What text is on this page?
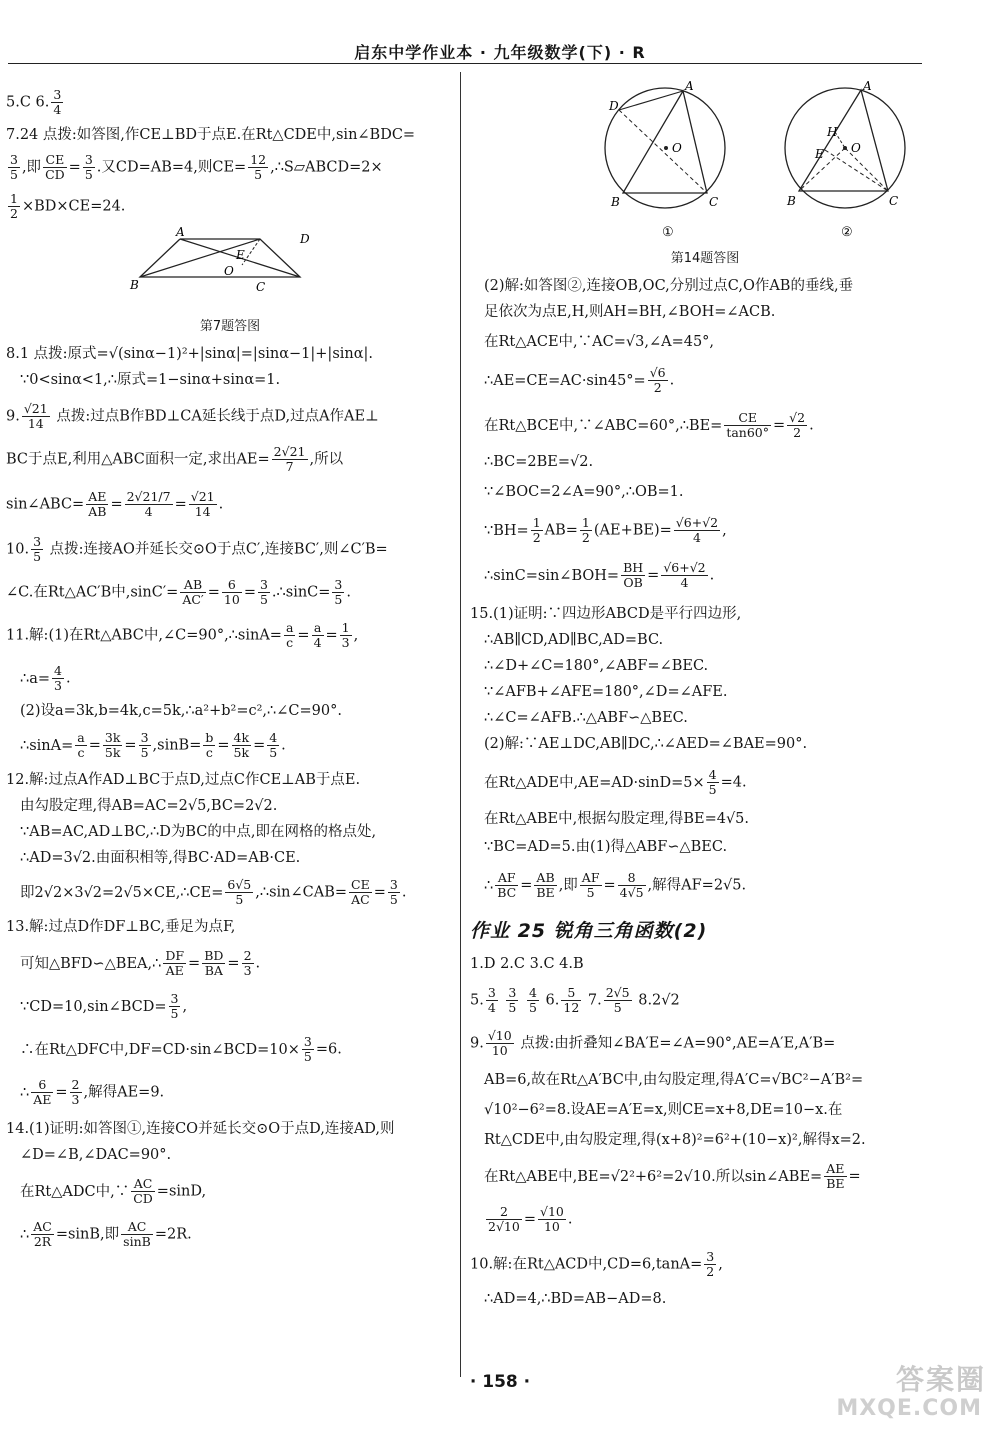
启东中学作业本 · 九年级数学(下) · R
5.C 6. $\frac{3}{4}$
7.24 点拨:如答图,作CE⊥BD于点E.在Rt△CDE中,sin∠BDC=
$\frac{3}{5}$ ,即 $\frac{CE}{CD} = \frac{3}{5}$ .又CD=AB=4,则$CE= \frac{12}{5}$ ,∴S▱ABCD=2×
$\frac{1}{2} \times BD\times CE=24$.
A	D
B	C
E
O
第7题答图
8.1 点拨:原式=√(sinα−1)²+|sinα|=|sinα−1|+|sinα|.
∵0<sinα<1,∴原式=1−sinα+sinα=1.
9. $\frac{√21}{14}$ 点拨:过点B作BD⊥CA延长线于点D,过点A作AE⊥
BC于点E,利用△ABC面积一定,求出$AE= \frac{2√21}{7}$ ,所以
sin∠ABC= $\frac{AE}{AB} = \frac{2√21/7}{4} = \frac{√21}{14}$ .
10. $\frac{3}{5}$ 点拨:连接AO并延长交⊙O于点C′,连接BC′,则∠C′B=
∠C.在Rt△AC′B中$,\sin C'= \frac{AB}{AC'} = \frac{6}{10} = \frac{3}{5}$ .∴sinC= $\frac{3}{5}$ .
11.解:(1)在Rt△ABC中,∠C=90°,∴sinA= $\frac{a}{c} = \frac{a}{4} = \frac{1}{3}$ ,
∴a= $\frac{4}{3}$ .
(2)设a=3k,b=4k,c=5k,∴a²+b²=c²,∴∠C=90°.
∴sinA= $\frac{a}{c} = \frac{3k}{5k} = \frac{3}{5} ,\sin B= \frac{b}{c} = \frac{4k}{5k} = \frac{4}{5}$ .
12.解:过点A作AD⊥BC于点D,过点C作CE⊥AB于点E.
由勾股定理,得AB=AC=2√5,BC=2√2.
∵AB=AC,AD⊥BC,∴D为BC的中点,即在网格的格点处,
∴AD=3√2.由面积相等,得BC·AD=AB·CE.
即2√2×3√2=2√5×CE,∴CE= $\frac{6√5}{5}$ ,∴sin∠CAB= $\frac{CE}{AC} = \frac{3}{5}$ .
13.解:过点D作DF⊥BC,垂足为点F,
可知△BFD∽△BEA,∴ $\frac{DF}{AE} = \frac{BD}{BA} = \frac{2}{3}$ .
∵CD=10,sin∠BCD= $\frac{3}{5}$ ,
∴在Rt△DFC中,DF=CD·sin∠BCD=10× $\frac{3}{5} =6$.
∴ $\frac{6}{AE} = \frac{2}{3}$ ,解得AE=9.
14.(1)证明:如答图①,连接CO并延长交⊙O于点D,连接AD,则
∠D=∠B,∠DAC=90°.
在Rt△ADC中,∵ $\frac{AC}{CD} =\sin D$,
∴ $\frac{AC}{2R} =\sin B$,即 $\frac{AC}{\sin B} =2R$.
A
D
B	C
O
①
A
B	C
O
E
H
②
第14题答图
(2)解:如答图②,连接OB,OC,分别过点C,O作AB的垂线,垂
足依次为点E,H,则AH=BH,∠BOH=∠ACB.
在Rt△ACE中,∵AC=√3,∠A=45°,
∴AE=CE=AC·sin45°= $\frac{√6}{2}$ .
在Rt△BCE中,∵∠ABC=60°,∴BE= $\frac{CE}{\tan 60^\circ} = \frac{√2}{2}$ .
∴BC=2BE=√2.
∵∠BOC=2∠A=90°,∴OB=1.
∵BH= $\frac{1}{2} AB= \frac{1}{2} (AE+BE)= \frac{√6+√2}{4}$ ,
∴sinC=sin∠BOH= $\frac{BH}{OB} = \frac{√6+√2}{4}$ .
15.(1)证明:∵四边形ABCD是平行四边形,
∴AB∥CD,AD∥BC,AD=BC.
∴∠D+∠C=180°,∠ABF=∠BEC.
∵∠AFB+∠AFE=180°,∠D=∠AFE.
∴∠C=∠AFB.∴△ABF∽△BEC.
(2)解:∵AE⊥DC,AB∥DC,∴∠AED=∠BAE=90°.
在Rt△ADE中$,AE=AD\cdot\sin D=5\times \frac{4}{5} =4$.
在Rt△ABE中,根据勾股定理,得BE=4√5.
∵BC=AD=5.由(1)得△ABF∽△BEC.
∴ $\frac{AF}{BC} = \frac{AB}{BE}$ ,即 $\frac{AF}{5} = \frac{8}{4√5}$ ,解得AF=2√5.
作业 25 锐角三角函数(2)
1.D 2.C 3.C 4.B
5. $\frac{3}{4}$
$\frac{3}{5}$
$\frac{4}{5} 6$. $\frac{5}{12} 7$. $\frac{2√5}{5} 8.2√2$
9. $\frac{√10}{10}$ 点拨:由折叠知∠BA′E=∠A=90°,AE=A′E,A′B=
AB=6,故在Rt△A′BC中,由勾股定理,得A′C=√BC²−A′B²=
√10²−6²=8.设AE=A′E=x,则CE=x+8,DE=10−x.在
Rt△CDE中,由勾股定理,得(x+8)²=6²+(10−x)²,解得x=2.
在Rt△ABE中,BE=√2²+6²=2√10.所以sin∠ABE= $\frac{AE}{BE}$ =
$\frac{2}{2√10} = \frac{√10}{10}$ .
10.解:在Rt△ACD中$,CD=6,\tan A= \frac{3}{2}$ ,
∴AD=4,∴BD=AB−AD=8.
· 158 ·	答案圈
MXQE.COM
